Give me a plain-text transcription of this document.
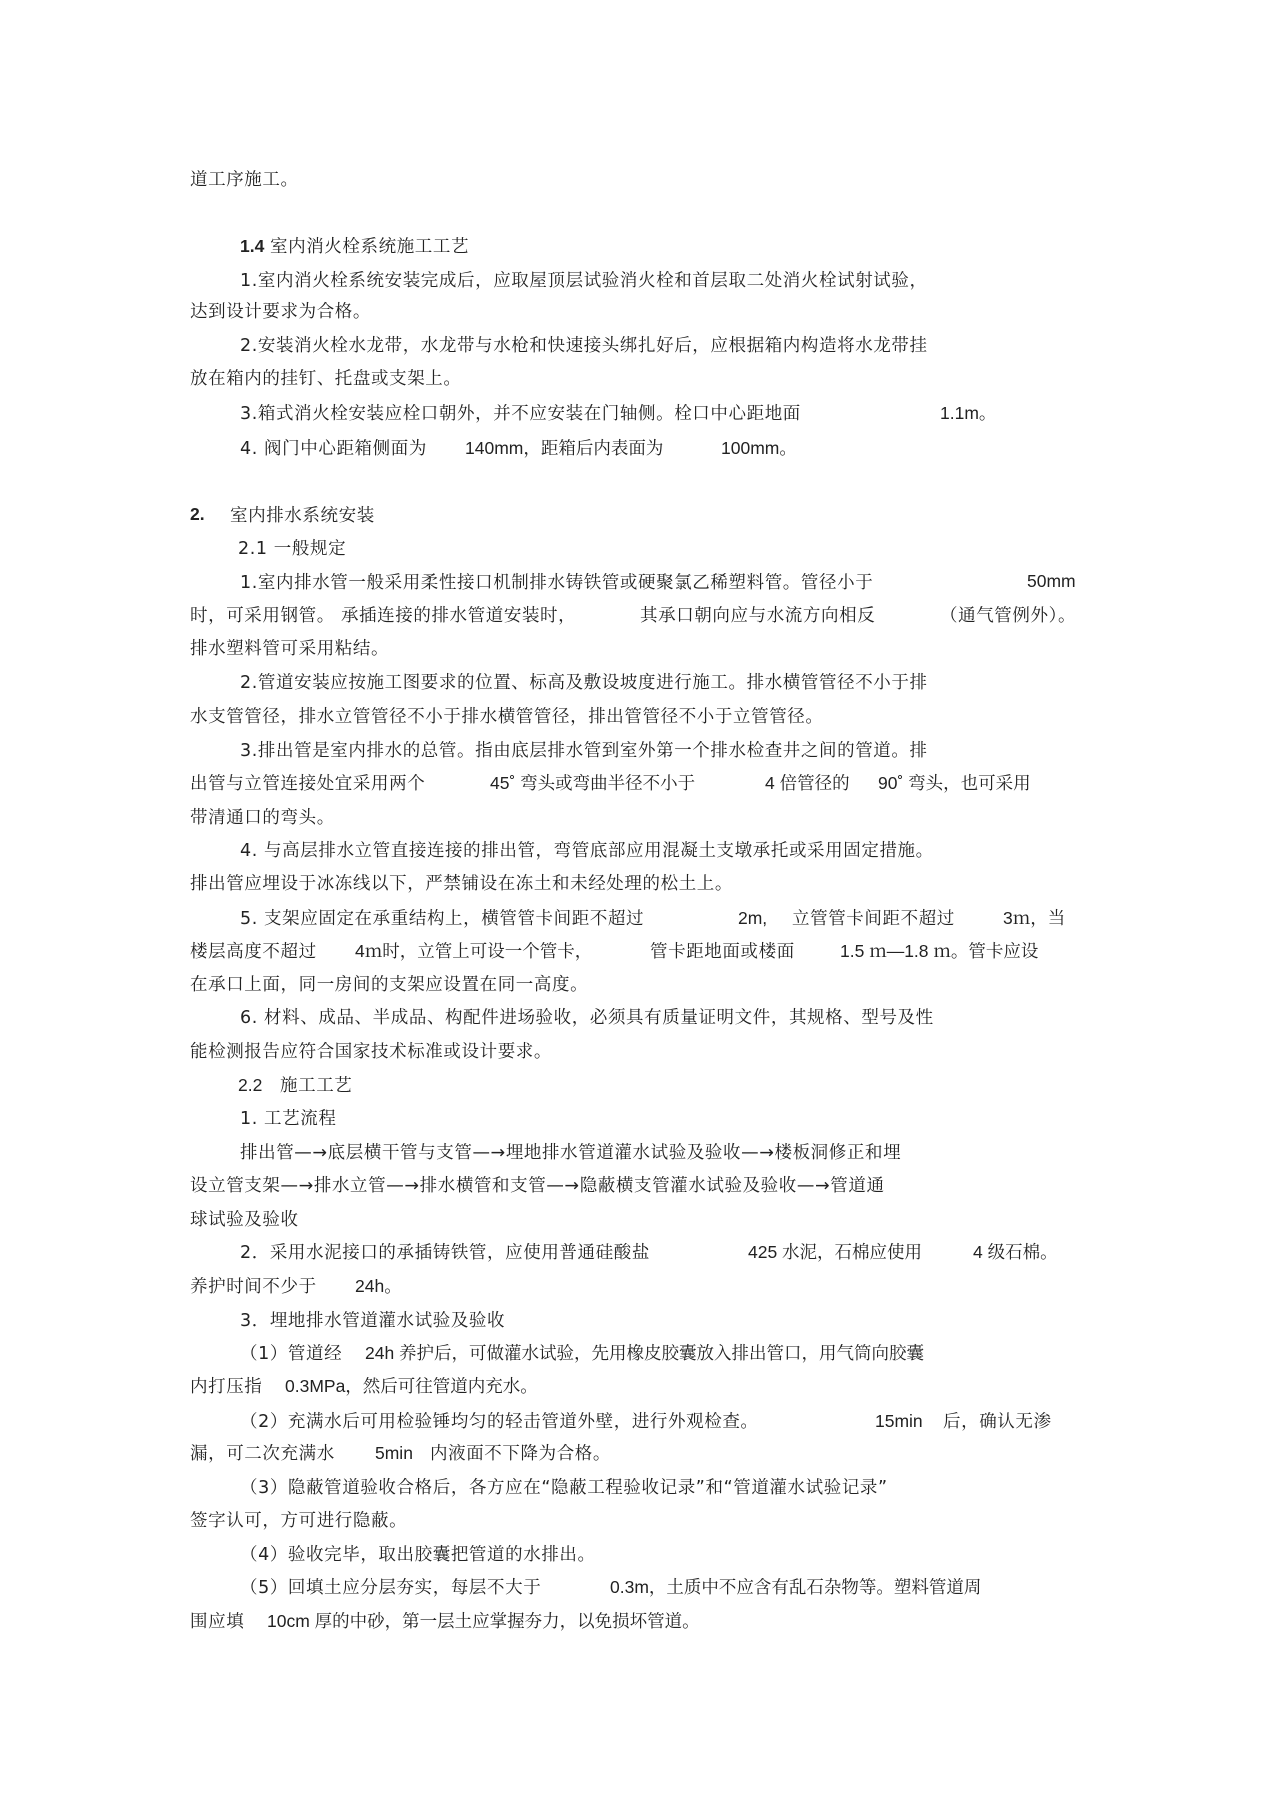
道工序施工。
1.4 室内消火栓系统施工工艺
1.室内消火栓系统安装完成后，应取屋顶层试验消火栓和首层取二处消火栓试射试验，
达到设计要求为合格。
2.安装消火栓水龙带，水龙带与水枪和快速接头绑扎好后，应根据箱内构造将水龙带挂
放在箱内的挂钉、托盘或支架上。
3.箱式消火栓安装应栓口朝外，并不应安装在门轴侧。栓口中心距地面	1.1m。
4. 阀门中心距箱侧面为 140mm，距箱后内表面为	100mm。
2. 室内排水系统安装
2.1 一般规定
1.室内排水管一般采用柔性接口机制排水铸铁管或硬聚氯乙稀塑料管。管径小于	50mm
时，可采用钢管。 承插连接的排水管道安装时，	其承口朝向应与水流方向相反	（通气管例外）。
排水塑料管可采用粘结。
2.管道安装应按施工图要求的位置、标高及敷设坡度进行施工。排水横管管径不小于排
水支管管径，排水立管管径不小于排水横管管径，排出管管径不小于立管管径。
3.排出管是室内排水的总管。指由底层排水管到室外第一个排水检查井之间的管道。排
出管与立管连接处宜采用两个	45˚ 弯头或弯曲半径不小于	4 倍管径的 90˚ 弯头，也可采用
带清通口的弯头。
4. 与高层排水立管直接连接的排出管，弯管底部应用混凝土支墩承托或采用固定措施。
排出管应埋设于冰冻线以下，严禁铺设在冻土和未经处理的松土上。
5. 支架应固定在承重结构上，横管管卡间距不超过	2m, 立管管卡间距不超过	3ｍ，当
楼层高度不超过 4ｍ时，立管上可设一个管卡，	管卡距地面或楼面	1.5 ｍ—1.8 ｍ。管卡应设
在承口上面，同一房间的支架应设置在同一高度。
6. 材料、成品、半成品、构配件进场验收，必须具有质量证明文件，其规格、型号及性
能检测报告应符合国家技术标准或设计要求。
2.2 施工工艺
1. 工艺流程
排出管—→底层横干管与支管—→埋地排水管道灌水试验及验收—→楼板洞修正和埋
设立管支架—→排水立管—→排水横管和支管—→隐蔽横支管灌水试验及验收—→管道通
球试验及验收
2．采用水泥接口的承插铸铁管，应使用普通硅酸盐	425 水泥，石棉应使用	4 级石棉。
养护时间不少于 24h。
3．埋地排水管道灌水试验及验收
（1）管道经 24h 养护后，可做灌水试验，先用橡皮胶囊放入排出管口，用气筒向胶囊
内打压指 0.3MPa，然后可往管道内充水。
（2）充满水后可用检验锤均匀的轻击管道外壁，进行外观检查。	15min 后，确认无渗
漏，可二次充满水 5min 内液面不下降为合格。
（3）隐蔽管道验收合格后，各方应在“隐蔽工程验收记录”和“管道灌水试验记录”
签字认可，方可进行隐蔽。
（4）验收完毕，取出胶囊把管道的水排出。
（5）回填土应分层夯实，每层不大于	0.3m，土质中不应含有乱石杂物等。塑料管道周
围应填 10cm 厚的中砂，第一层土应掌握夯力，以免损坏管道。
